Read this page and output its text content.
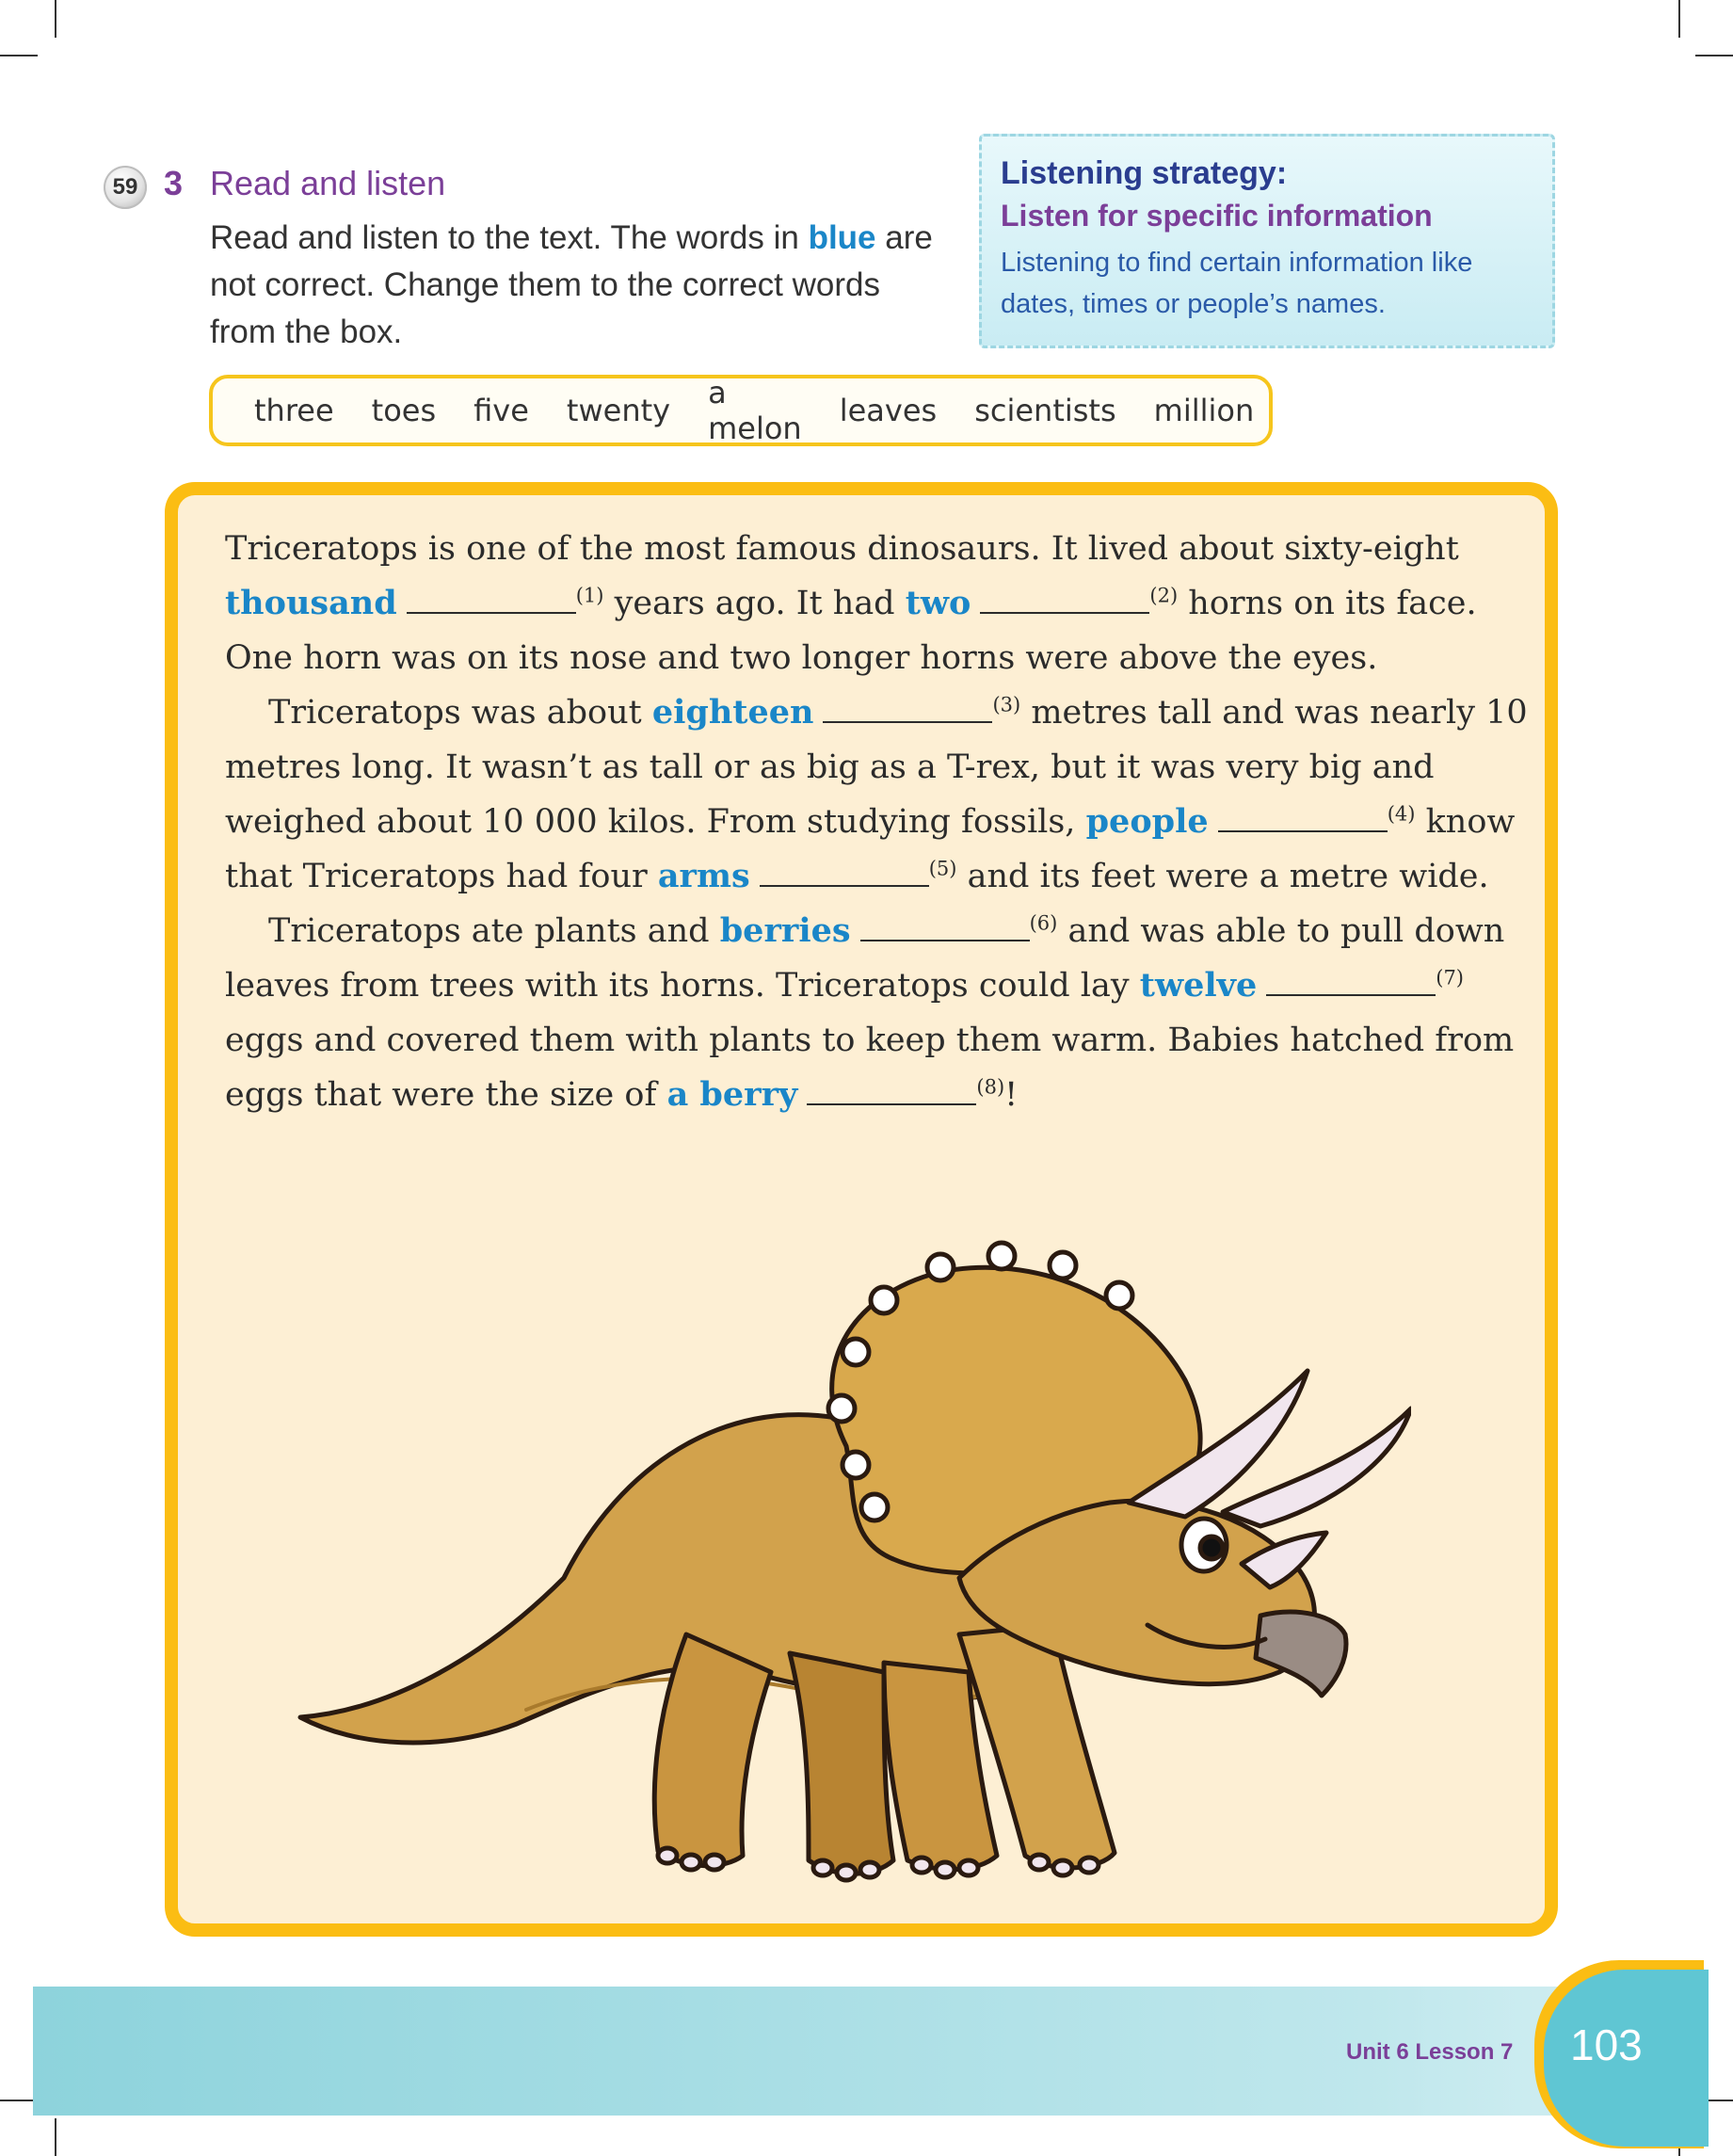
59 3 Read and listen
Read and listen to the text. The words in blue are not correct. Change them to the correct words from the box.
Listening strategy:
Listen for specific information
Listening to find certain information like dates, times or people’s names.
three toes five twenty a melon leaves scientists million

Triceratops is one of the most famous dinosaurs. It lived about sixty-eight thousand	$^{(1)}$ years ago. It had two	$^{(2)}$ horns on its face. One horn was on its nose and two longer horns were above the eyes.

Triceratops was about eighteen	$^{(3)}$ metres tall and was nearly 10 metres long. It wasn’t as tall or as big as a T-rex, but it was very big and weighed about 10 000 kilos. From studying fossils, people	$^{(4)}$ know that Triceratops had four arms	$^{(5)}$ and its feet were a metre wide.

Triceratops ate plants and berries	$^{(6)}$ and was able to pull down leaves from trees with its horns. Triceratops could lay twelve	$^{(7)}$ eggs and covered them with plants to keep them warm. Babies hatched from eggs that were the size of a berry	$^{(8)}$!

Unit 6 Lesson 7 103
